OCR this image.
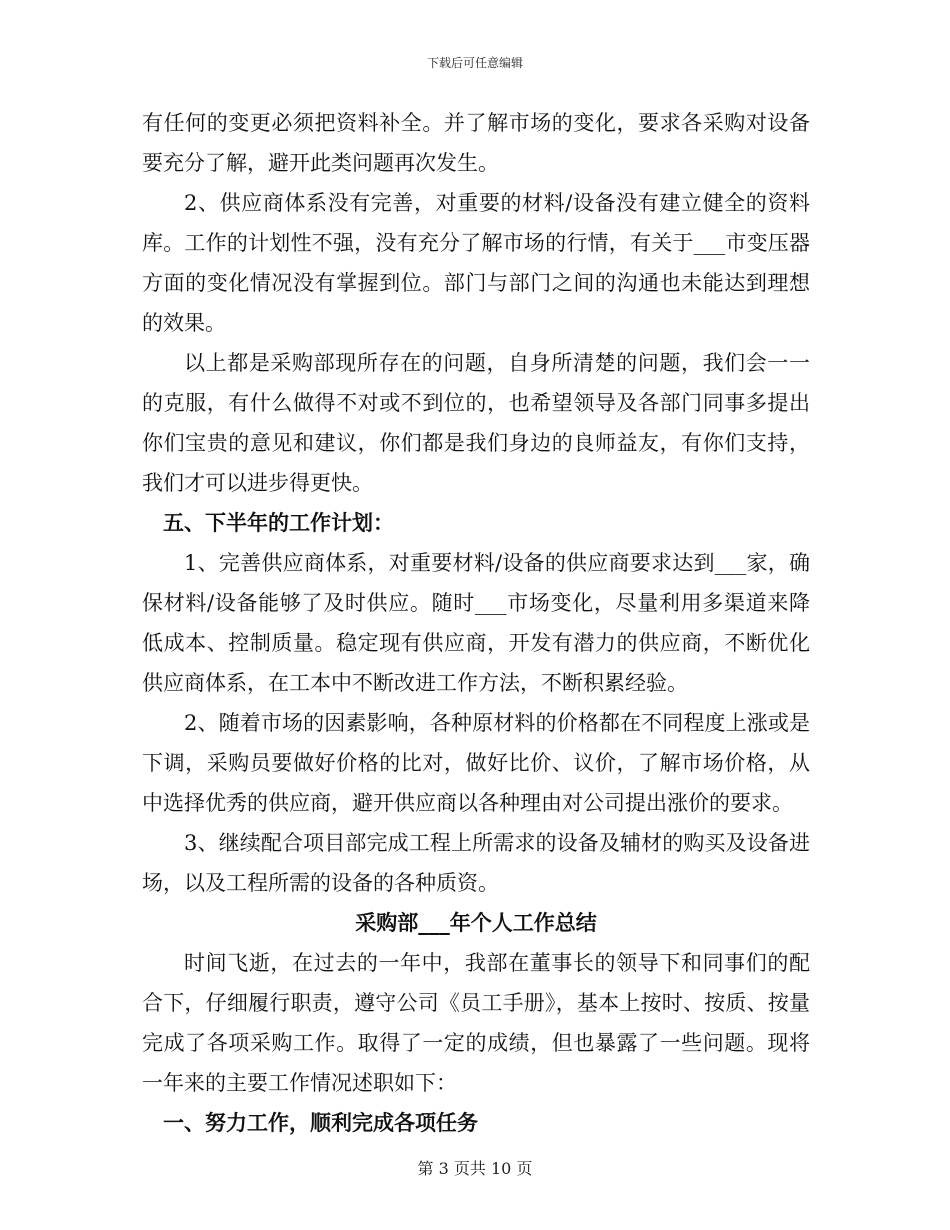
下载后可任意编辑

有任何的变更必须把资料补全。并了解市场的变化，要求各采购对设备要充分了解，避开此类问题再次发生。

2、供应商体系没有完善，对重要的材料/设备没有建立健全的资料库。工作的计划性不强，没有充分了解市场的行情，有关于___市变压器方面的变化情况没有掌握到位。部门与部门之间的沟通也未能达到理想的效果。

以上都是采购部现所存在的问题，自身所清楚的问题，我们会一一的克服，有什么做得不对或不到位的，也希望领导及各部门同事多提出你们宝贵的意见和建议，你们都是我们身边的良师益友，有你们支持，我们才可以进步得更快。

　五、下半年的工作计划：

1、完善供应商体系，对重要材料/设备的供应商要求达到___家，确保材料/设备能够了及时供应。随时___市场变化，尽量利用多渠道来降低成本、控制质量。稳定现有供应商，开发有潜力的供应商，不断优化供应商体系，在工本中不断改进工作方法，不断积累经验。

2、随着市场的因素影响，各种原材料的价格都在不同程度上涨或是下调，采购员要做好价格的比对，做好比价、议价，了解市场价格，从中选择优秀的供应商，避开供应商以各种理由对公司提出涨价的要求。

3、继续配合项目部完成工程上所需求的设备及辅材的购买及设备进场，以及工程所需的设备的各种质资。

采购部___年个人工作总结

时间飞逝，在过去的一年中，我部在董事长的领导下和同事们的配合下，仔细履行职责，遵守公司《员工手册》，基本上按时、按质、按量完成了各项采购工作。取得了一定的成绩，但也暴露了一些问题。现将一年来的主要工作情况述职如下：

　一、努力工作，顺利完成各项任务

第 3 页共 10 页
